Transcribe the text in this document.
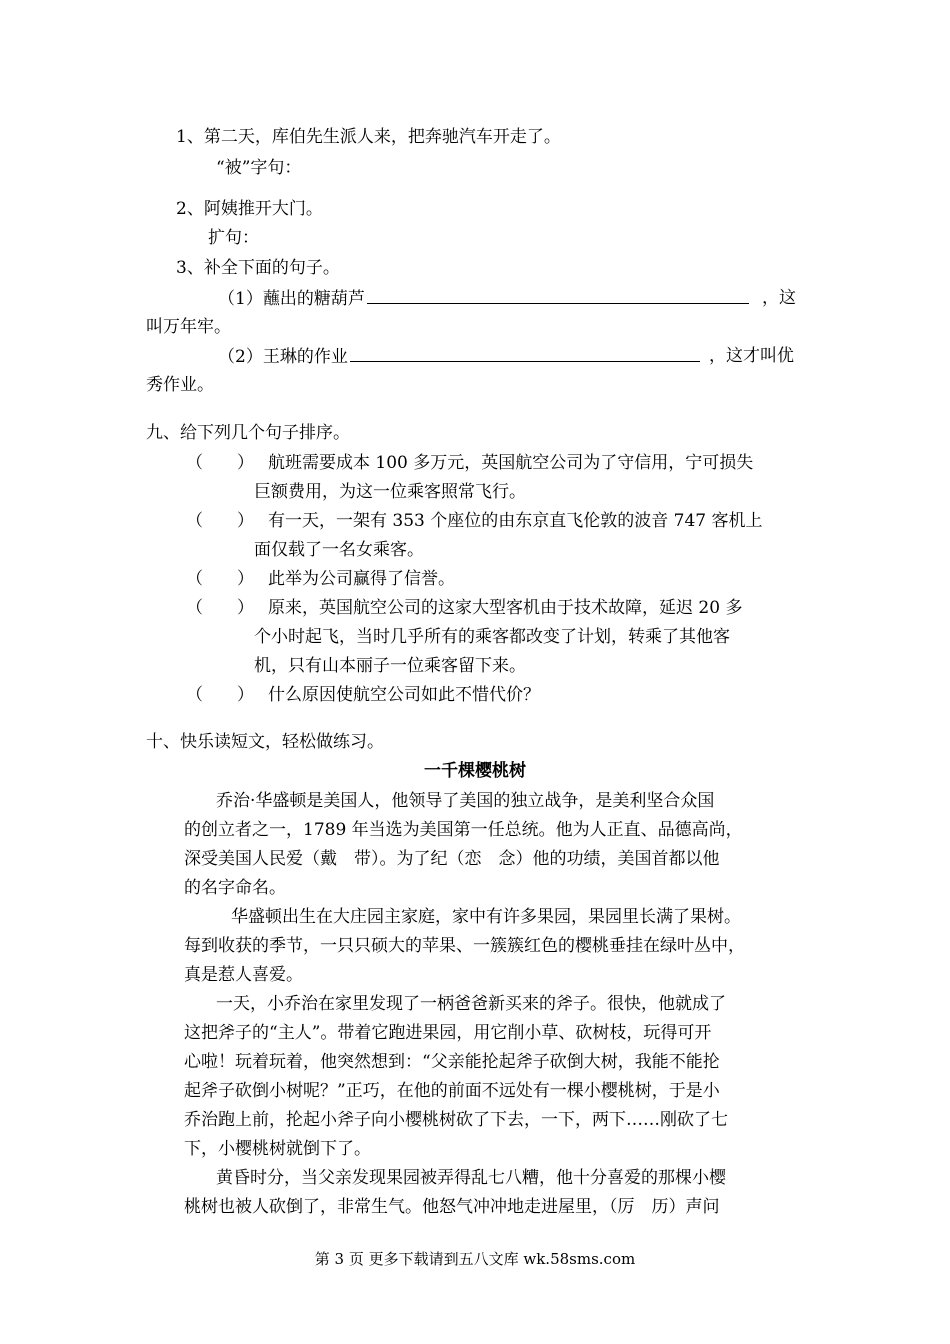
1、第二天，库伯先生派人来，把奔驰汽车开走了。
“被”字句：
2、阿姨推开大门。
扩句：
3、补全下面的句子。
（1）蘸出的糖葫芦	，这
叫万年牢。
（2）王琳的作业	，这才叫优
秀作业。
九、给下列几个句子排序。
（　　） 航班需要成本 100 多万元，英国航空公司为了守信用，宁可损失
巨额费用，为这一位乘客照常飞行。
（　　） 有一天，一架有 353 个座位的由东京直飞伦敦的波音 747 客机上
面仅载了一名女乘客。
（　　） 此举为公司赢得了信誉。
（　　） 原来，英国航空公司的这家大型客机由于技术故障，延迟 20 多
个小时起飞，当时几乎所有的乘客都改变了计划，转乘了其他客
机，只有山本丽子一位乘客留下来。
（　　） 什么原因使航空公司如此不惜代价？
十、快乐读短文，轻松做练习。
一千棵樱桃树
乔治·华盛顿是美国人，他领导了美国的独立战争，是美利坚合众国
的创立者之一，1789 年当选为美国第一任总统。他为人正直、品德高尚，
深受美国人民爱（戴　带）。为了纪（恋　念）他的功绩，美国首都以他
的名字命名。
华盛顿出生在大庄园主家庭，家中有许多果园，果园里长满了果树。
每到收获的季节，一只只硕大的苹果、一簇簇红色的樱桃垂挂在绿叶丛中，
真是惹人喜爱。
一天，小乔治在家里发现了一柄爸爸新买来的斧子。很快，他就成了
这把斧子的“主人”。带着它跑进果园，用它削小草、砍树枝，玩得可开
心啦！玩着玩着，他突然想到：“父亲能抡起斧子砍倒大树，我能不能抡
起斧子砍倒小树呢？”正巧，在他的前面不远处有一棵小樱桃树，于是小
乔治跑上前，抡起小斧子向小樱桃树砍了下去，一下，两下……刚砍了七
下，小樱桃树就倒下了。
黄昏时分，当父亲发现果园被弄得乱七八糟，他十分喜爱的那棵小樱
桃树也被人砍倒了，非常生气。他怒气冲冲地走进屋里，（厉　历）声问
第 3 页 更多下载请到五八文库 wk.58sms.com
